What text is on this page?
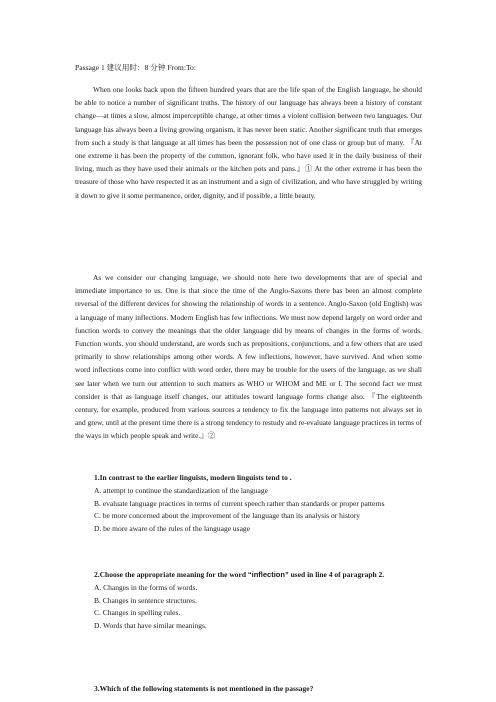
Passage 1 建议用时：8 分钟 From:To:

When one looks back upon the fifteen hundred years that are the life span of the English language, he should be able to notice a number of significant truths. The history of our language has always been a history of constant change—at times a slow, almost imperceptible change, at other times a violent collision between two languages. Our language has always been a living growing organism, it has never been static. Another significant truth that emerges from such a study is that language at all times has been the possession not of one class or group but of many. 『At one extreme it has been the property of the common, ignorant folk, who have used it in the daily business of their living, much as they have used their animals or the kitchen pots and pans.』① At the other extreme it has been the treasure of those who have respected it as an instrument and a sign of civilization, and who have struggled by writing it down to give it some permanence, order, dignity, and if possible, a little beauty.

As we consider our changing language, we should note here two developments that are of special and immediate importance to us. One is that since the time of the Anglo-Saxons there has been an almost complete reversal of the different devices for showing the relationship of words in a sentence. Anglo-Saxon (old English) was a language of many inflections. Modern English has few inflections. We must now depend largely on word order and function words to convey the meanings that the older language did by means of changes in the forms of words. Function words, you should understand, are words such as prepositions, conjunctions, and a few others that are used primarily to show relationships among other words. A few inflections, however, have survived. And when some word inflections come into conflict with word order, there may be trouble for the users of the language, as we shall see later when we turn our attention to such matters as WHO or WHOM and ME or I. The second fact we must consider is that as language itself changes, our attitudes toward language forms change also. 『The eighteenth century, for example, produced from various sources a tendency to fix the language into patterns not always set in and grew, until at the present time there is a strong tendency to restudy and re-evaluate language practices in terms of the ways in which people speak and write.』②

1.In contrast to the earlier linguists, modern linguists tend to .

A. attempt to continue the standardization of the language
B. evaluate language practices in terms of current speech rather than standards or proper patterns
C. be more concerned about the improvement of the language than its analysis or history
D. be more aware of the rules of the language usage

2.Choose the appropriate meaning for the word “inflection” used in line 4 of paragraph 2.

A. Changes in the forms of words.
B. Changes in sentence structures.
C. Changes in spelling rules.
D. Words that have similar meanings.

3.Which of the following statements is not mentioned in the passage?
